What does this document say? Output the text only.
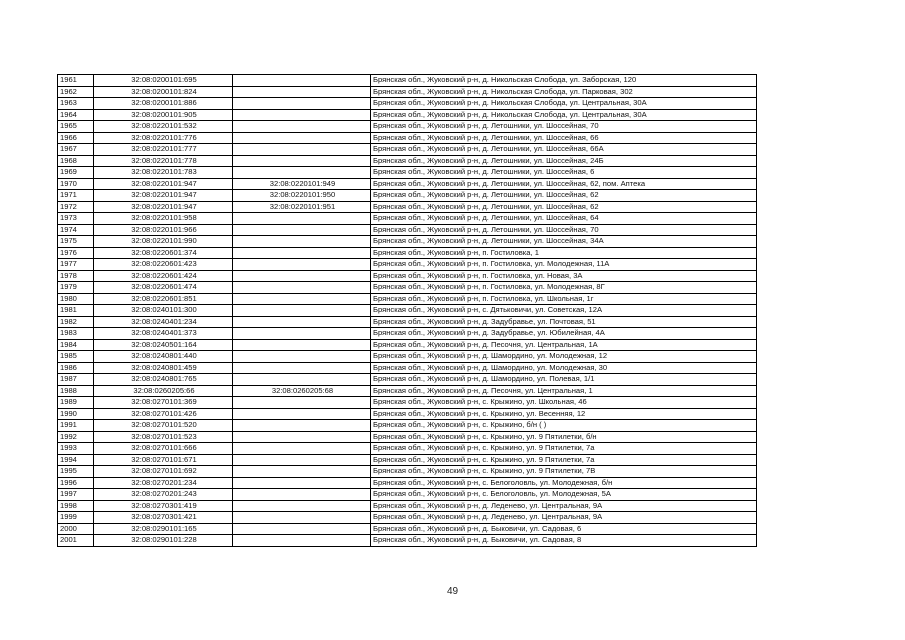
1961	32:08:0200101:695		Брянская обл., Жуковский р-н, д. Никольская Слобода, ул. Заборская, 120
1962	32:08:0200101:824		Брянская обл., Жуковский р-н, д. Никольская Слобода, ул. Парковая, 302
1963	32:08:0200101:886		Брянская обл., Жуковский р-н, д. Никольская Слобода, ул. Центральная, 30А
1964	32:08:0200101:905		Брянская обл., Жуковский р-н, д. Никольская Слобода, ул. Центральная, 30А
1965	32:08:0220101:532		Брянская обл., Жуковский р-н, д. Летошники, ул. Шоссейная, 70
1966	32:08:0220101:776		Брянская обл., Жуковский р-н, д. Летошники, ул. Шоссейная, 66
1967	32:08:0220101:777		Брянская обл., Жуковский р-н, д. Летошники, ул. Шоссейная, 66А
1968	32:08:0220101:778		Брянская обл., Жуковский р-н, д. Летошники, ул. Шоссейная, 24Б
1969	32:08:0220101:783		Брянская обл., Жуковский р-н, д. Летошники, ул. Шоссейная, 6
1970	32:08:0220101:947	32:08:0220101:949	Брянская обл., Жуковский р-н, д. Летошники, ул. Шоссейная, 62, пом. Аптека
1971	32:08:0220101:947	32:08:0220101:950	Брянская обл., Жуковский р-н, д. Летошники, ул. Шоссейная, 62
1972	32:08:0220101:947	32:08:0220101:951	Брянская обл., Жуковский р-н, д. Летошники, ул. Шоссейная, 62
1973	32:08:0220101:958		Брянская обл., Жуковский р-н, д. Летошники, ул. Шоссейная, 64
1974	32:08:0220101:966		Брянская обл., Жуковский р-н, д. Летошники, ул. Шоссейная, 70
1975	32:08:0220101:990		Брянская обл., Жуковский р-н, д. Летошники, ул. Шоссейная, 34А
1976	32:08:0220601:374		Брянская обл., Жуковский р-н, п. Гостиловка, 1
1977	32:08:0220601:423		Брянская обл., Жуковский р-н, п. Гостиловка, ул. Молодежная, 11А
1978	32:08:0220601:424		Брянская обл., Жуковский р-н, п. Гостиловка, ул. Новая, 3А
1979	32:08:0220601:474		Брянская обл., Жуковский р-н, п. Гостиловка, ул. Молодежная, 8Г
1980	32:08:0220601:851		Брянская обл., Жуковский р-н, п. Гостиловка, ул. Школьная, 1г
1981	32:08:0240101:300		Брянская обл., Жуковский р-н, с. Дятьковичи, ул. Советская, 12А
1982	32:08:0240401:234		Брянская обл., Жуковский р-н, д. Задубравье, ул. Почтовая, 51
1983	32:08:0240401:373		Брянская обл., Жуковский р-н, д. Задубравье, ул. Юбилейная, 4А
1984	32:08:0240501:164		Брянская обл., Жуковский р-н, д. Песочня, ул. Центральная, 1А
1985	32:08:0240801:440		Брянская обл., Жуковский р-н, д. Шамордино, ул. Молодежная, 12
1986	32:08:0240801:459		Брянская обл., Жуковский р-н, д. Шамордино, ул. Молодежная, 30
1987	32:08:0240801:765		Брянская обл., Жуковский р-н, д. Шамордино, ул. Полевая, 1/1
1988	32:08:0260205:66	32:08:0260205:68	Брянская обл., Жуковский р-н, д. Песочня, ул. Центральная, 1
1989	32:08:0270101:369		Брянская обл., Жуковский р-н, с. Крыжино, ул. Школьная, 46
1990	32:08:0270101:426		Брянская обл., Жуковский р-н, с. Крыжино, ул. Весенняя, 12
1991	32:08:0270101:520		Брянская обл., Жуковский р-н, с. Крыжино, б/н ( )
1992	32:08:0270101:523		Брянская обл., Жуковский р-н, с. Крыжино, ул. 9 Пятилетки, б/н
1993	32:08:0270101:666		Брянская обл., Жуковский р-н, с. Крыжино, ул. 9 Пятилетки, 7а
1994	32:08:0270101:671		Брянская обл., Жуковский р-н, с. Крыжино, ул. 9 Пятилетки, 7а
1995	32:08:0270101:692		Брянская обл., Жуковский р-н, с. Крыжино, ул. 9 Пятилетки, 7В
1996	32:08:0270201:234		Брянская обл., Жуковский р-н, с. Белоголовль, ул. Молодежная, б/н
1997	32:08:0270201:243		Брянская обл., Жуковский р-н, с. Белоголовль, ул. Молодежная, 5А
1998	32:08:0270301:419		Брянская обл., Жуковский р-н, д. Леденево, ул. Центральная, 9А
1999	32:08:0270301:421		Брянская обл., Жуковский р-н, д. Леденево, ул. Центральная, 9А
2000	32:08:0290101:165		Брянская обл., Жуковский р-н, д. Быковичи, ул. Садовая, 6
2001	32:08:0290101:228		Брянская обл., Жуковский р-н, д. Быковичи, ул. Садовая, 8
49
